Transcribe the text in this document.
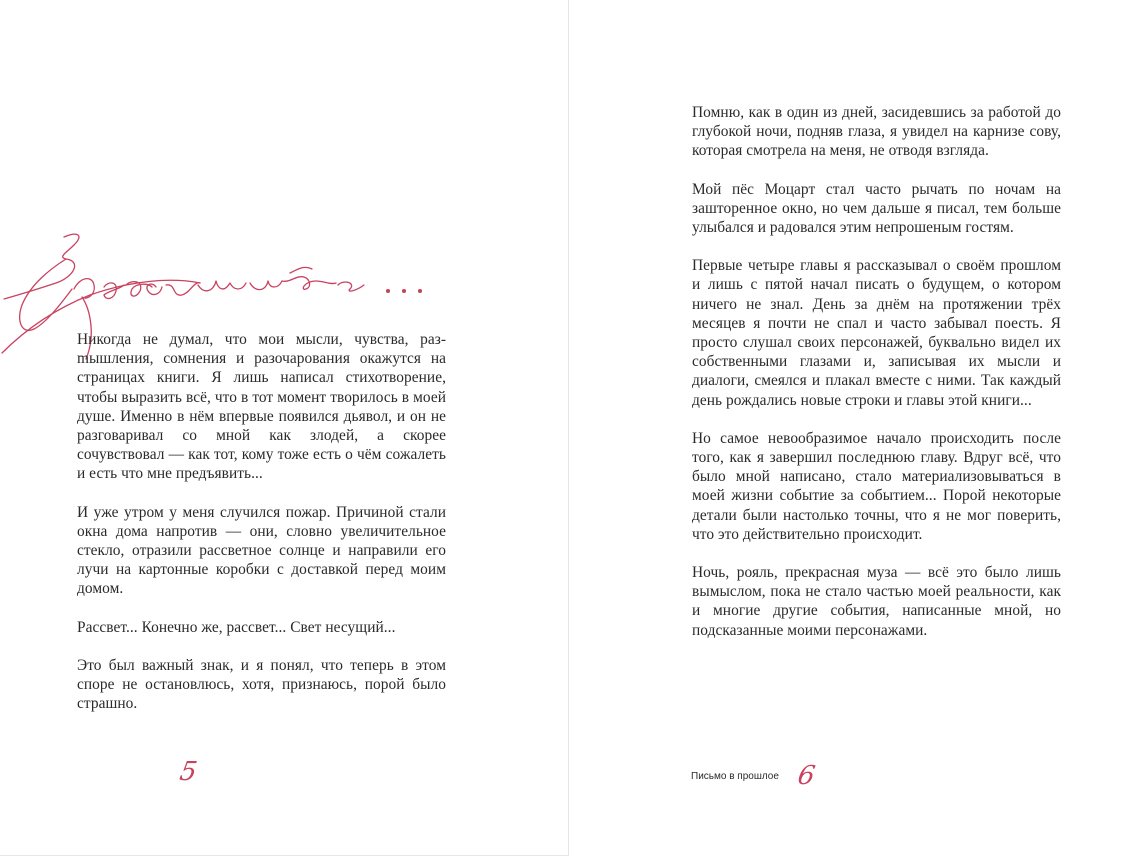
Никогда не думал, что мои мысли, чувства, разmышления, сомнения и разочарования окажутся на страницах книги. Я лишь написал стихотворение, чтобы выразить всё, что в тот момент творилось в моей душе. Именно в нём впервые появился дьявол, и он не разговаривал со мной как злодей, а скорее сочувствовал — как тот, кому тоже есть о чём сожалеть и есть что мне предъявить...

И уже утром у меня случился пожар. Причиной стали окна дома напротив — они, словно увеличительное стекло, отразили рассветное солнце и направили его лучи на картонные коробки с доставкой перед моим домом.

Рассвет... Конечно же, рассвет... Свет несущий...

Это был важный знак, и я понял, что теперь в этом споре не остановлюсь, хотя, признаюсь, порой было страшно.

5

Помню, как в один из дней, засидевшись за работой до глубокой ночи, подняв глаза, я увидел на карнизе сову, которая смотрела на меня, не отводя взгляда.

Мой пёс Моцарт стал часто рычать по ночам на зашторенное окно, но чем дальше я писал, тем больше улыбался и радовался этим непрошеным гостям.

Первые четыре главы я рассказывал о своём прошлом и лишь с пятой начал писать о будущем, о котором ничего не знал. День за днём на протяжении трёх месяцев я почти не спал и часто забывал поесть. Я просто слушал своих персонажей, буквально видел их собственными глазами и, записывая их мысли и диалоги, смеялся и плакал вместе с ними. Так каждый день рождались новые строки и главы этой книги...

Но самое невообразимое начало происходить после того, как я завершил последнюю главу. Вдруг всё, что было мной написано, стало материализовываться в моей жизни событие за событием... Порой некоторые детали были настолько точны, что я не мог поверить, что это действительно происходит.

Ночь, рояль, прекрасная муза — всё это было лишь вымыслом, пока не стало частью моей реальности, как и многие другие события, написанные мной, но подсказанные моими персонажами.

Письмо в прошлое 6
